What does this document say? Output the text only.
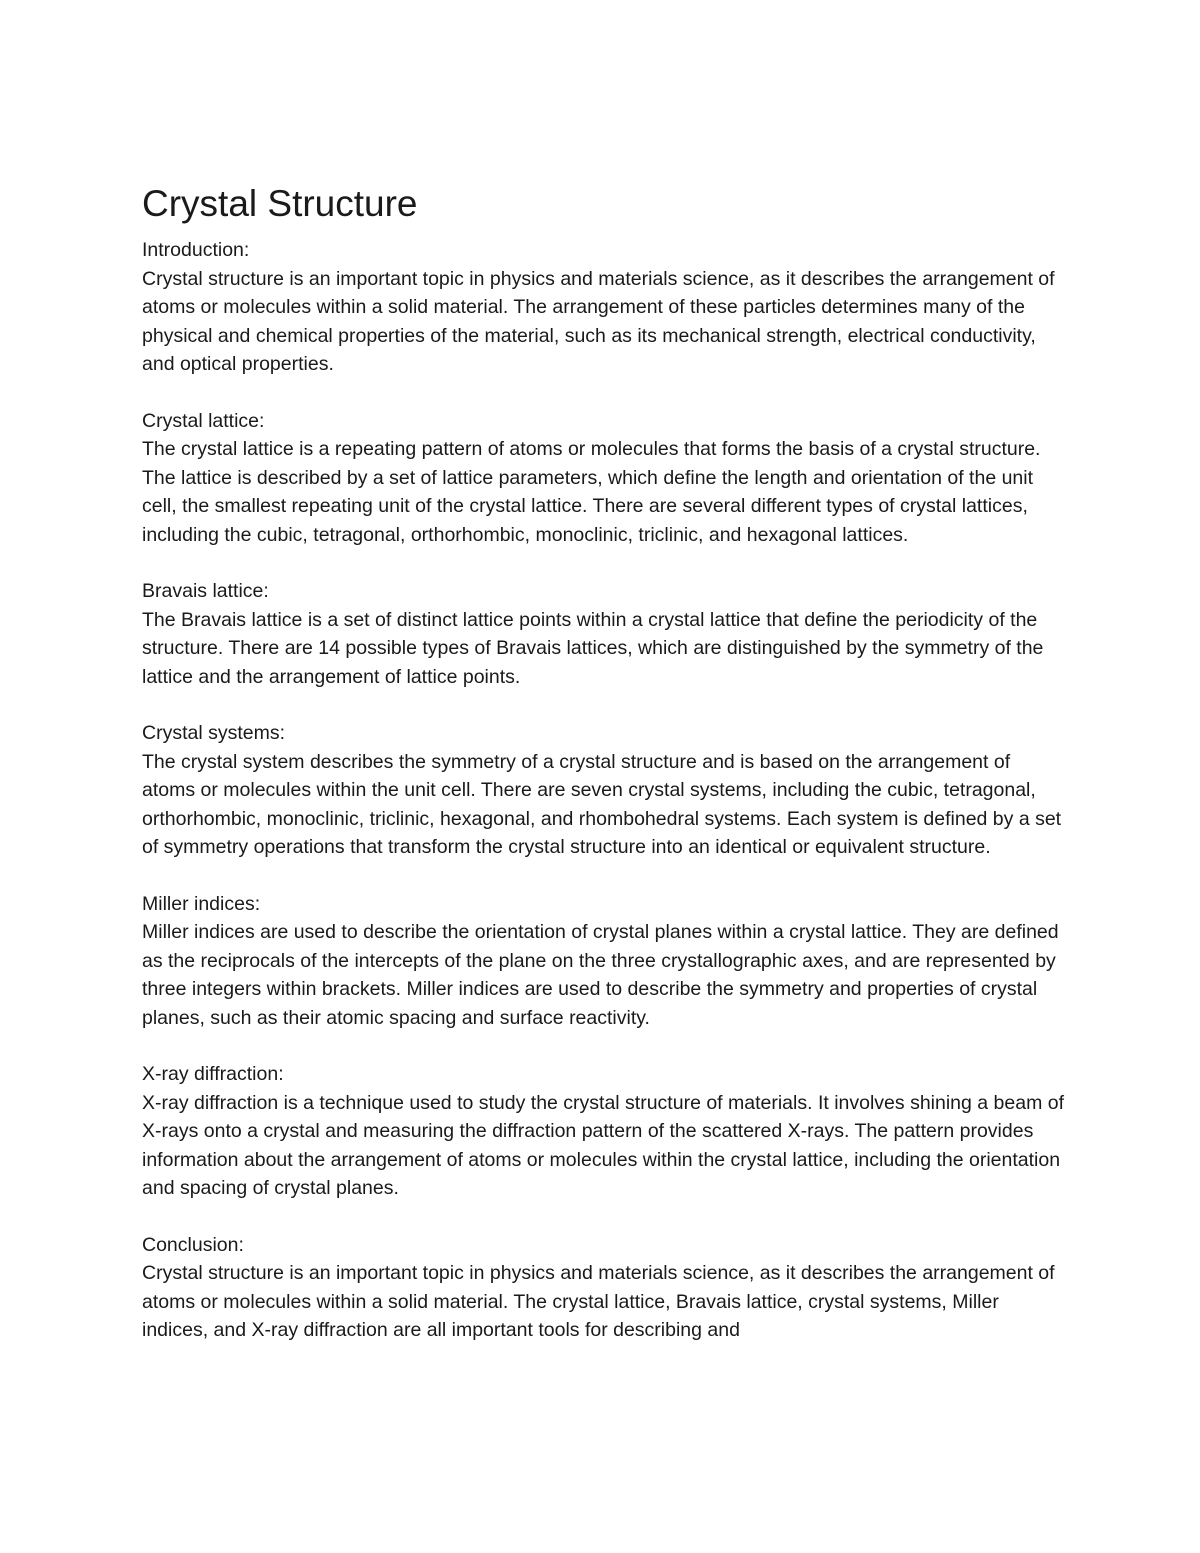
Crystal Structure

Introduction:

Crystal structure is an important topic in physics and materials science, as it describes the arrangement of atoms or molecules within a solid material. The arrangement of these particles determines many of the physical and chemical properties of the material, such as its mechanical strength, electrical conductivity, and optical properties.

Crystal lattice:

The crystal lattice is a repeating pattern of atoms or molecules that forms the basis of a crystal structure. The lattice is described by a set of lattice parameters, which define the length and orientation of the unit cell, the smallest repeating unit of the crystal lattice. There are several different types of crystal lattices, including the cubic, tetragonal, orthorhombic, monoclinic, triclinic, and hexagonal lattices.

Bravais lattice:

The Bravais lattice is a set of distinct lattice points within a crystal lattice that define the periodicity of the structure. There are 14 possible types of Bravais lattices, which are distinguished by the symmetry of the lattice and the arrangement of lattice points.

Crystal systems:

The crystal system describes the symmetry of a crystal structure and is based on the arrangement of atoms or molecules within the unit cell. There are seven crystal systems, including the cubic, tetragonal, orthorhombic, monoclinic, triclinic, hexagonal, and rhombohedral systems. Each system is defined by a set of symmetry operations that transform the crystal structure into an identical or equivalent structure.

Miller indices:

Miller indices are used to describe the orientation of crystal planes within a crystal lattice. They are defined as the reciprocals of the intercepts of the plane on the three crystallographic axes, and are represented by three integers within brackets. Miller indices are used to describe the symmetry and properties of crystal planes, such as their atomic spacing and surface reactivity.

X-ray diffraction:

X-ray diffraction is a technique used to study the crystal structure of materials. It involves shining a beam of X-rays onto a crystal and measuring the diffraction pattern of the scattered X-rays. The pattern provides information about the arrangement of atoms or molecules within the crystal lattice, including the orientation and spacing of crystal planes.

Conclusion:

Crystal structure is an important topic in physics and materials science, as it describes the arrangement of atoms or molecules within a solid material. The crystal lattice, Bravais lattice, crystal systems, Miller indices, and X-ray diffraction are all important tools for describing and
